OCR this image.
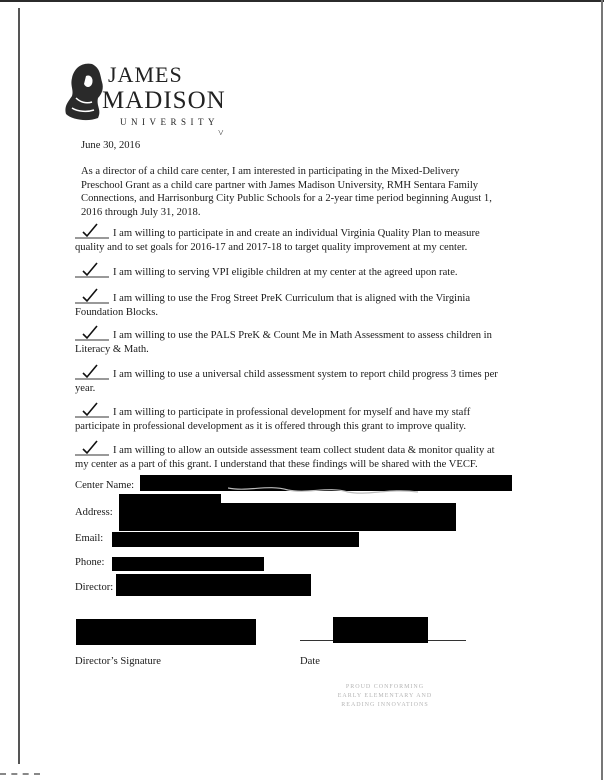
JAMES
MADISON
UNIVERSITY
˅
June 30, 2016
As a director of a child care center, I am interested in participating in the Mixed-Delivery
Preschool Grant as a child care partner with James Madison University, RMH Sentara Family
Connections, and Harrisonburg City Public Schools for a 2-year time period beginning August 1,
2016 through July 31, 2018.
I am willing to participate in and create an individual Virginia Quality Plan to measure
quality and to set goals for 2016-17 and 2017-18 to target quality improvement at my center.
I am willing to serving VPI eligible children at my center at the agreed upon rate.
I am willing to use the Frog Street PreK Curriculum that is aligned with the Virginia
Foundation Blocks.
I am willing to use the PALS PreK & Count Me in Math Assessment to assess children in
Literacy & Math.
I am willing to use a universal child assessment system to report child progress 3 times per
year.
I am willing to participate in professional development for myself and have my staff
participate in professional development as it is offered through this grant to improve quality.
I am willing to allow an outside assessment team collect student data & monitor quality at
my center as a part of this grant. I understand that these findings will be shared with the VECF.
Center Name:
Address:
Email:
Phone:
Director:
Director’s Signature	Date
PROUD CONFORMING
EARLY ELEMENTARY AND
READING INNOVATIONS
